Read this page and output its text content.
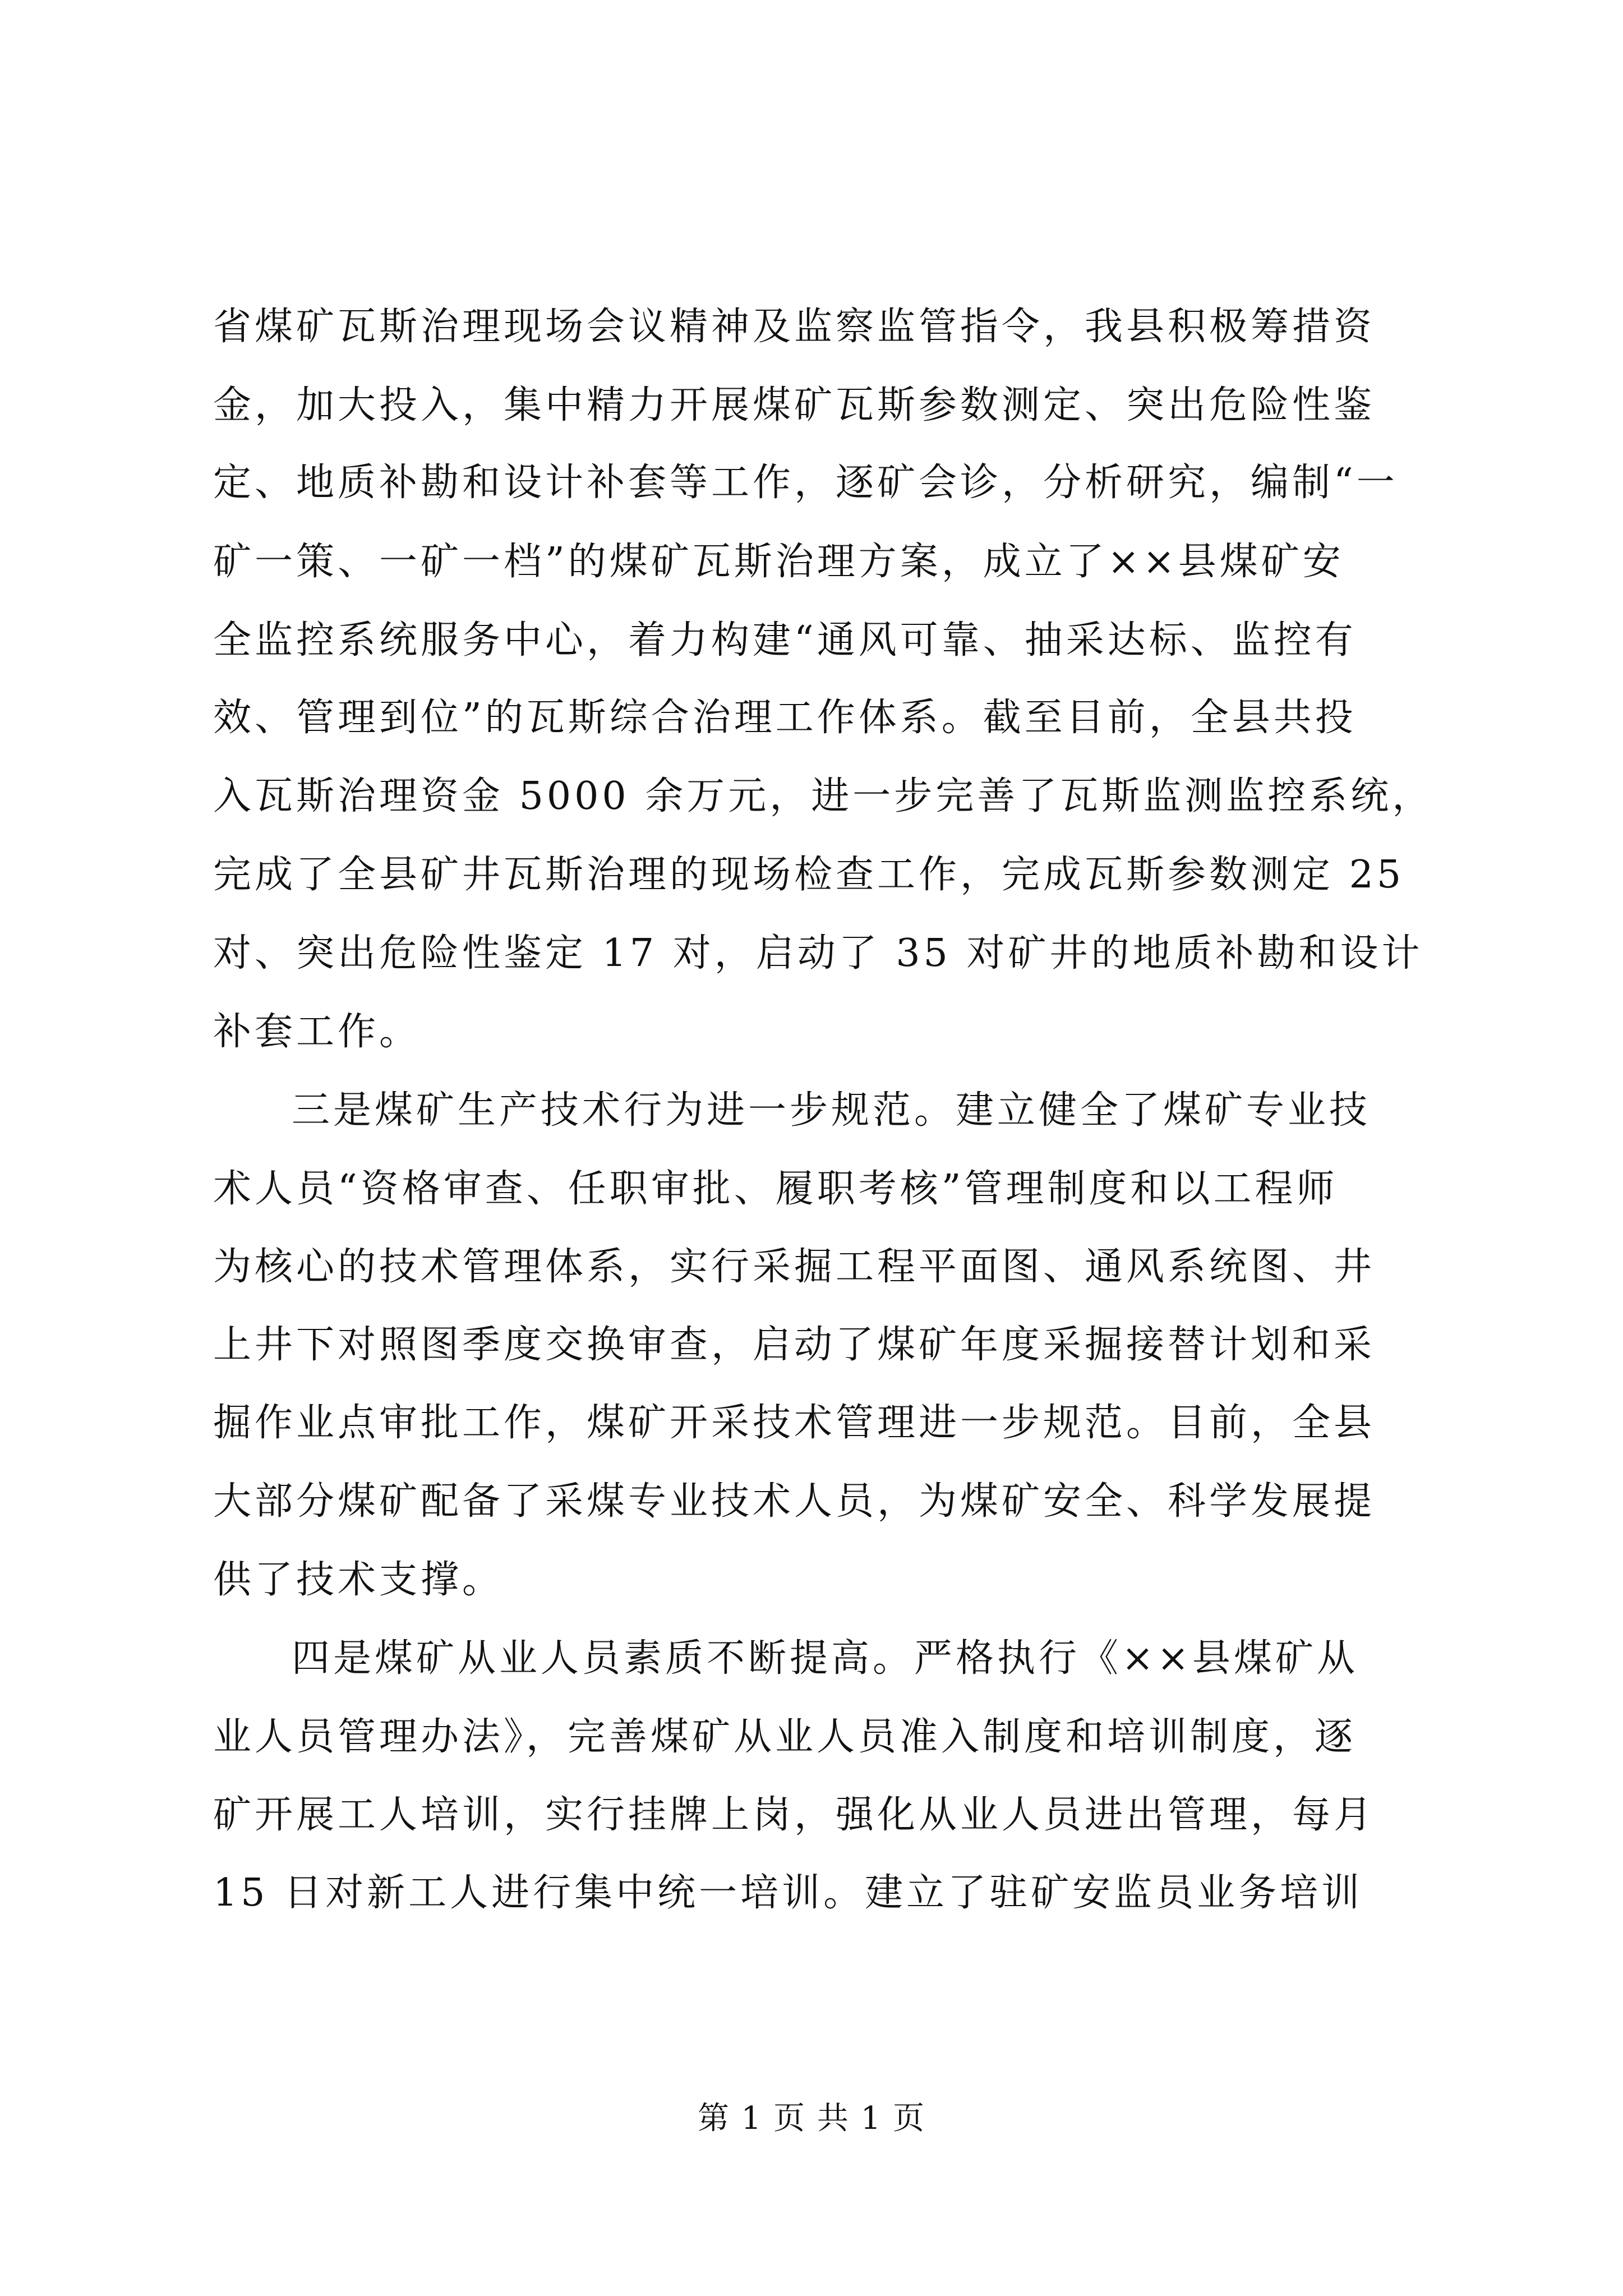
省煤矿瓦斯治理现场会议精神及监察监管指令，我县积极筹措资
金，加大投入，集中精力开展煤矿瓦斯参数测定、突出危险性鉴
定、地质补勘和设计补套等工作，逐矿会诊，分析研究，编制“一
矿一策、一矿一档”的煤矿瓦斯治理方案，成立了××县煤矿安
全监控系统服务中心，着力构建“通风可靠、抽采达标、监控有
效、管理到位”的瓦斯综合治理工作体系。截至目前，全县共投
入瓦斯治理资金 5000 余万元，进一步完善了瓦斯监测监控系统，
完成了全县矿井瓦斯治理的现场检查工作，完成瓦斯参数测定 25
对、突出危险性鉴定 17 对，启动了 35 对矿井的地质补勘和设计
补套工作。
三是煤矿生产技术行为进一步规范。建立健全了煤矿专业技
术人员“资格审查、任职审批、履职考核”管理制度和以工程师
为核心的技术管理体系，实行采掘工程平面图、通风系统图、井
上井下对照图季度交换审查，启动了煤矿年度采掘接替计划和采
掘作业点审批工作，煤矿开采技术管理进一步规范。目前，全县
大部分煤矿配备了采煤专业技术人员，为煤矿安全、科学发展提
供了技术支撑。
四是煤矿从业人员素质不断提高。严格执行《××县煤矿从
业人员管理办法》，完善煤矿从业人员准入制度和培训制度，逐
矿开展工人培训，实行挂牌上岗，强化从业人员进出管理，每月
15 日对新工人进行集中统一培训。建立了驻矿安监员业务培训
第 1 页 共 1 页
